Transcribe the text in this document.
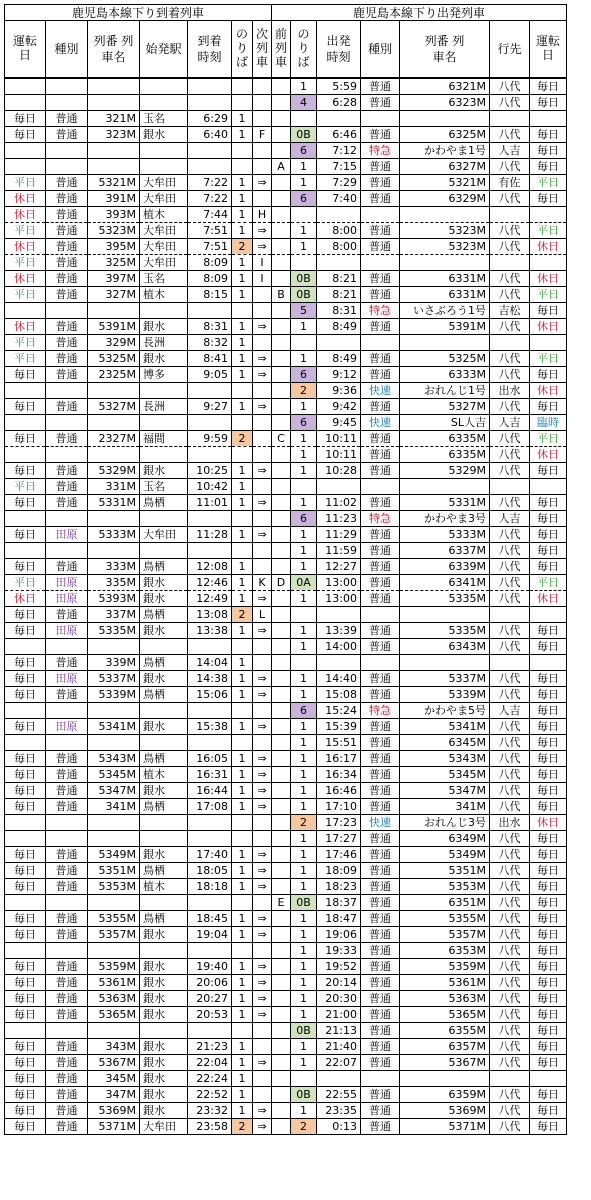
鹿児島本線下り到着列車							鹿児島本線下り出発列車						
運転日	種別	列番 列車名	始発駅	到着 時刻	のりば	次列車	前列車	のりば	出発 時刻	種別	列番 列車名	行先	運転日
								1	5:59	普通	6321M	八代	毎日
								4	6:28	普通	6323M	八代	毎日
毎日	普通	321M	玉名	6:29	1								
毎日	普通	323M	銀水	6:40	1	F		0B	6:46	普通	6325M	八代	毎日
								6	7:12	特急	かわやま1号	人吉	毎日
							A	1	7:15	普通	6327M	八代	毎日
平日	普通	5321M	大牟田	7:22	1	⇒		1	7:29	普通	5321M	有佐	平日
休日	普通	391M	大牟田	7:22	1			6	7:40	普通	6329M	八代	毎日
休日	普通	393M	植木	7:44	1	H							
平日	普通	5323M	大牟田	7:51	1	⇒		1	8:00	普通	5323M	八代	平日
休日	普通	395M	大牟田	7:51	2	⇒		1	8:00	普通	5323M	八代	休日
平日	普通	325M	大牟田	8:09	1	I							
休日	普通	397M	玉名	8:09	1	I		0B	8:21	普通	6331M	八代	休日
平日	普通	327M	植木	8:15	1		B	0B	8:21	普通	6331M	八代	平日
								5	8:31	特急	いさぶろう1号	吉松	毎日
休日	普通	5391M	銀水	8:31	1	⇒		1	8:49	普通	5391M	八代	休日
平日	普通	329M	長洲	8:32	1								
平日	普通	5325M	銀水	8:41	1	⇒		1	8:49	普通	5325M	八代	平日
毎日	普通	2325M	博多	9:05	1	⇒		6	9:12	普通	6333M	八代	毎日
								2	9:36	快速	おれんじ1号	出水	休日
毎日	普通	5327M	長洲	9:27	1	⇒		1	9:42	普通	5327M	八代	毎日
								6	9:45	快速	SL人吉	人吉	臨時
毎日	普通	2327M	福間	9:59	2		C	1	10:11	普通	6335M	八代	平日
								1	10:11	普通	6335M	八代	休日
毎日	普通	5329M	銀水	10:25	1	⇒		1	10:28	普通	5329M	八代	毎日
平日	普通	331M	玉名	10:42	1								
毎日	普通	5331M	鳥栖	11:01	1	⇒		1	11:02	普通	5331M	八代	毎日
								6	11:23	特急	かわやま3号	人吉	毎日
毎日	田原	5333M	大牟田	11:28	1	⇒		1	11:29	普通	5333M	八代	毎日
								1	11:59	普通	6337M	八代	毎日
毎日	普通	333M	鳥栖	12:08	1			1	12:27	普通	6339M	八代	毎日
平日	田原	335M	銀水	12:46	1	K	D	0A	13:00	普通	6341M	八代	平日
休日	田原	5393M	銀水	12:49	1	⇒		1	13:00	普通	5335M	八代	休日
毎日	普通	337M	鳥栖	13:08	2	L							
毎日	田原	5335M	銀水	13:38	1	⇒		1	13:39	普通	5335M	八代	毎日
								1	14:00	普通	6343M	八代	毎日
毎日	普通	339M	鳥栖	14:04	1								
毎日	田原	5337M	銀水	14:38	1	⇒		1	14:40	普通	5337M	八代	毎日
毎日	普通	5339M	鳥栖	15:06	1	⇒		1	15:08	普通	5339M	八代	毎日
								6	15:24	特急	かわやま5号	人吉	毎日
毎日	田原	5341M	銀水	15:38	1	⇒		1	15:39	普通	5341M	八代	毎日
								1	15:51	普通	6345M	八代	毎日
毎日	普通	5343M	鳥栖	16:05	1	⇒		1	16:17	普通	5343M	八代	毎日
毎日	普通	5345M	植木	16:31	1	⇒		1	16:34	普通	5345M	八代	毎日
毎日	普通	5347M	銀水	16:44	1	⇒		1	16:46	普通	5347M	八代	毎日
毎日	普通	341M	鳥栖	17:08	1	⇒		1	17:10	普通	341M	八代	毎日
								2	17:23	快速	おれんじ3号	出水	休日
								1	17:27	普通	6349M	八代	毎日
毎日	普通	5349M	銀水	17:40	1	⇒		1	17:46	普通	5349M	八代	毎日
毎日	普通	5351M	鳥栖	18:05	1	⇒		1	18:09	普通	5351M	八代	毎日
毎日	普通	5353M	植木	18:18	1	⇒		1	18:23	普通	5353M	八代	毎日
							E	0B	18:37	普通	6351M	八代	毎日
毎日	普通	5355M	鳥栖	18:45	1	⇒		1	18:47	普通	5355M	八代	毎日
毎日	普通	5357M	銀水	19:04	1	⇒		1	19:06	普通	5357M	八代	毎日
								1	19:33	普通	6353M	八代	毎日
毎日	普通	5359M	銀水	19:40	1	⇒		1	19:52	普通	5359M	八代	毎日
毎日	普通	5361M	銀水	20:06	1	⇒		1	20:14	普通	5361M	八代	毎日
毎日	普通	5363M	銀水	20:27	1	⇒		1	20:30	普通	5363M	八代	毎日
毎日	普通	5365M	銀水	20:53	1	⇒		1	21:00	普通	5365M	八代	毎日
								0B	21:13	普通	6355M	八代	毎日
毎日	普通	343M	銀水	21:23	1			1	21:40	普通	6357M	八代	毎日
毎日	普通	5367M	銀水	22:04	1	⇒		1	22:07	普通	5367M	八代	毎日
毎日	普通	345M	銀水	22:24	1								
毎日	普通	347M	銀水	22:52	1			0B	22:55	普通	6359M	八代	毎日
毎日	普通	5369M	銀水	23:32	1	⇒		1	23:35	普通	5369M	八代	毎日
毎日	普通	5371M	大牟田	23:58	2	⇒		2	0:13	普通	5371M	八代	毎日
